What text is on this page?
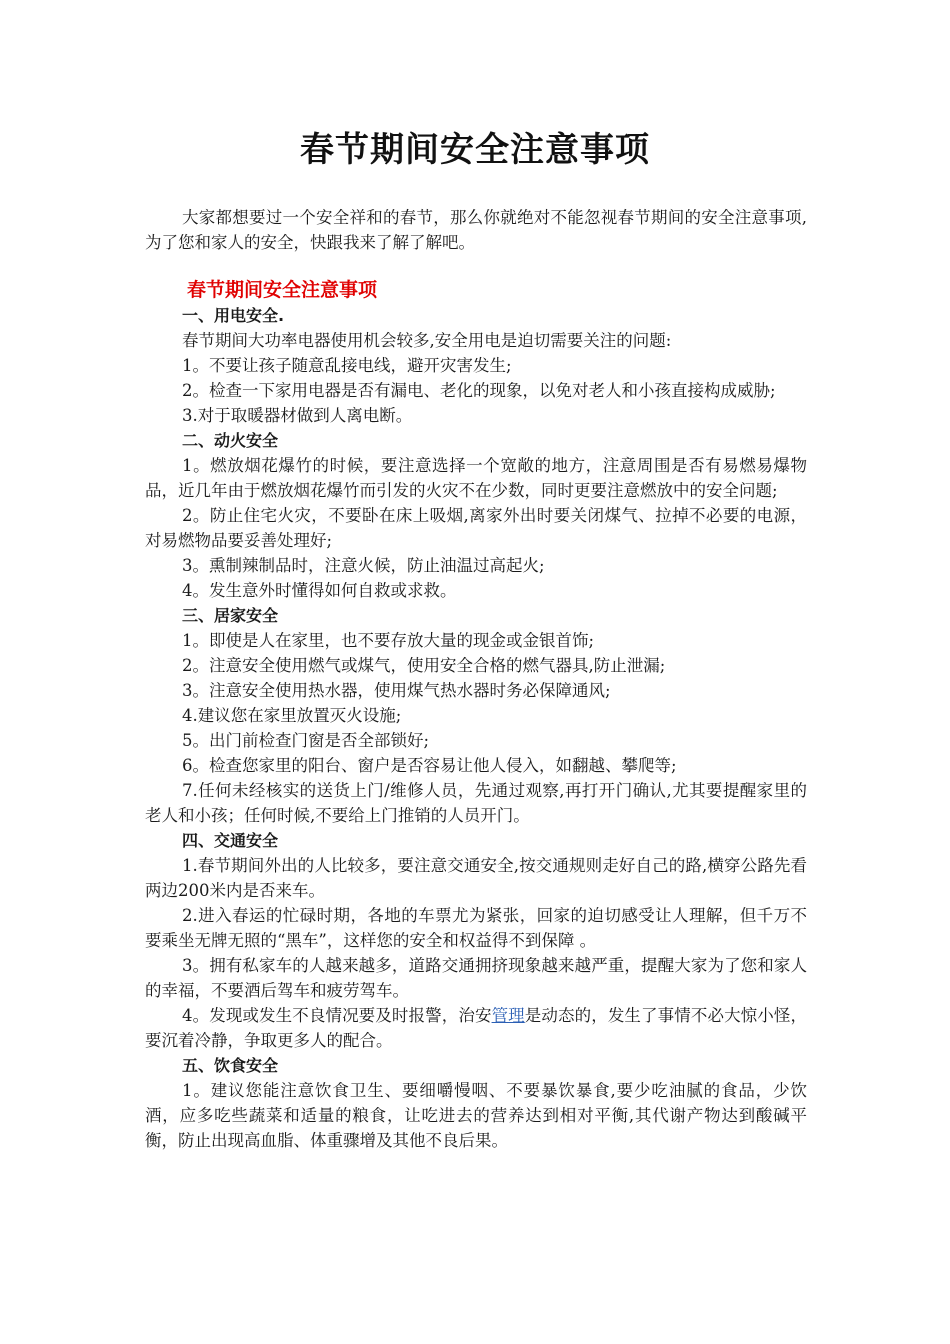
春节期间安全注意事项

大家都想要过一个安全祥和的春节，那么你就绝对不能忽视春节期间的安全注意事项,为了您和家人的安全，快跟我来了解了解吧。

春节期间安全注意事项

一、用电安全.

春节期间大功率电器使用机会较多,安全用电是迫切需要关注的问题:

1。不要让孩子随意乱接电线，避开灾害发生;

2。检查一下家用电器是否有漏电、老化的现象，以免对老人和小孩直接构成威胁;

3.对于取暖器材做到人离电断。

二、动火安全

1。燃放烟花爆竹的时候，要注意选择一个宽敞的地方，注意周围是否有易燃易爆物品，近几年由于燃放烟花爆竹而引发的火灾不在少数，同时更要注意燃放中的安全问题;

2。防止住宅火灾，不要卧在床上吸烟,离家外出时要关闭煤气、拉掉不必要的电源，对易燃物品要妥善处理好;

3。熏制辣制品时，注意火候，防止油温过高起火;

4。发生意外时懂得如何自救或求救。

三、居家安全

1。即使是人在家里，也不要存放大量的现金或金银首饰;

2。注意安全使用燃气或煤气，使用安全合格的燃气器具,防止泄漏;

3。注意安全使用热水器，使用煤气热水器时务必保障通风;

4.建议您在家里放置灭火设施;

5。出门前检查门窗是否全部锁好;

6。检查您家里的阳台、窗户是否容易让他人侵入，如翻越、攀爬等;

7.任何未经核实的送货上门/维修人员，先通过观察,再打开门确认,尤其要提醒家里的老人和小孩；任何时候,不要给上门推销的人员开门。

四、交通安全

1.春节期间外出的人比较多，要注意交通安全,按交通规则走好自己的路,横穿公路先看两边200米内是否来车。

2.进入春运的忙碌时期，各地的车票尤为紧张，回家的迫切感受让人理解，但千万不要乘坐无牌无照的“黑车”，这样您的安全和权益得不到保障 。

3。拥有私家车的人越来越多，道路交通拥挤现象越来越严重，提醒大家为了您和家人的幸福，不要酒后驾车和疲劳驾车。

4。发现或发生不良情况要及时报警，治安管理是动态的，发生了事情不必大惊小怪，要沉着冷静，争取更多人的配合。

五、饮食安全

1。建议您能注意饮食卫生、要细嚼慢咽、不要暴饮暴食,要少吃油腻的食品，少饮酒，应多吃些蔬菜和适量的粮食，让吃进去的营养达到相对平衡,其代谢产物达到酸碱平衡，防止出现高血脂、体重骤增及其他不良后果。
